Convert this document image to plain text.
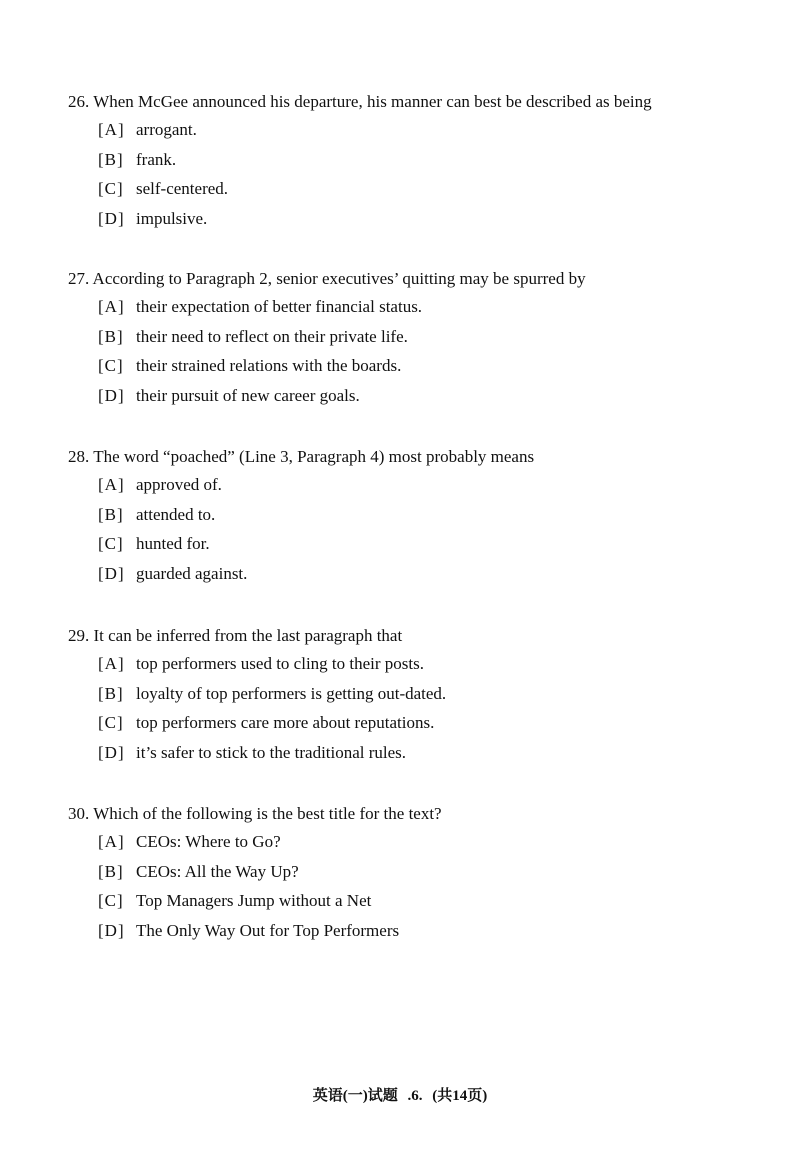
26. When McGee announced his departure, his manner can best be described as being
[A] arrogant.
[B] frank.
[C] self-centered.
[D] impulsive.
27. According to Paragraph 2, senior executives’ quitting may be spurred by
[A] their expectation of better financial status.
[B] their need to reflect on their private life.
[C] their strained relations with the boards.
[D] their pursuit of new career goals.
28. The word “poached” (Line 3, Paragraph 4) most probably means
[A] approved of.
[B] attended to.
[C] hunted for.
[D] guarded against.
29. It can be inferred from the last paragraph that
[A] top performers used to cling to their posts.
[B] loyalty of top performers is getting out-dated.
[C] top performers care more about reputations.
[D] it’s safer to stick to the traditional rules.
30. Which of the following is the best title for the text?
[A] CEOs: Where to Go?
[B] CEOs: All the Way Up?
[C] Top Managers Jump without a Net
[D] The Only Way Out for Top Performers
英语(一)试题 .6. (共14页)
